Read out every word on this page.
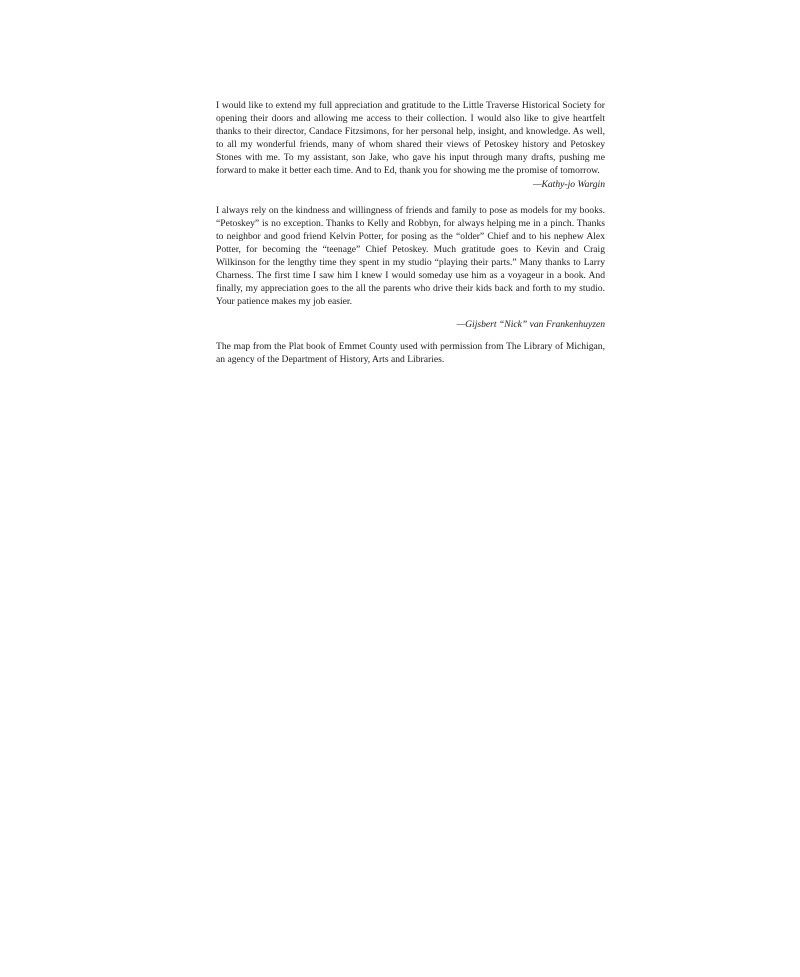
I would like to extend my full appreciation and gratitude to the Little Traverse Historical Society for opening their doors and allowing me access to their collection. I would also like to give heartfelt thanks to their director, Candace Fitzsimons, for her personal help, insight, and knowledge. As well, to all my wonderful friends, many of whom shared their views of Petoskey history and Petoskey Stones with me. To my assistant, son Jake, who gave his input through many drafts, pushing me forward to make it better each time. And to Ed, thank you for showing me the promise of tomorrow.

—Kathy-jo Wargin

I always rely on the kindness and willingness of friends and family to pose as models for my books. “Petoskey” is no exception. Thanks to Kelly and Robbyn, for always helping me in a pinch. Thanks to neighbor and good friend Kelvin Potter, for posing as the “older” Chief and to his nephew Alex Potter, for becoming the “teenage” Chief Petoskey. Much gratitude goes to Kevin and Craig Wilkinson for the lengthy time they spent in my studio “playing their parts.” Many thanks to Larry Charness. The first time I saw him I knew I would someday use him as a voyageur in a book. And finally, my appreciation goes to the all the parents who drive their kids back and forth to my studio. Your patience makes my job easier.

—Gijsbert “Nick” van Frankenhuyzen

The map from the Plat book of Emmet County used with permission from The Library of Michigan, an agency of the Department of History, Arts and Libraries.
